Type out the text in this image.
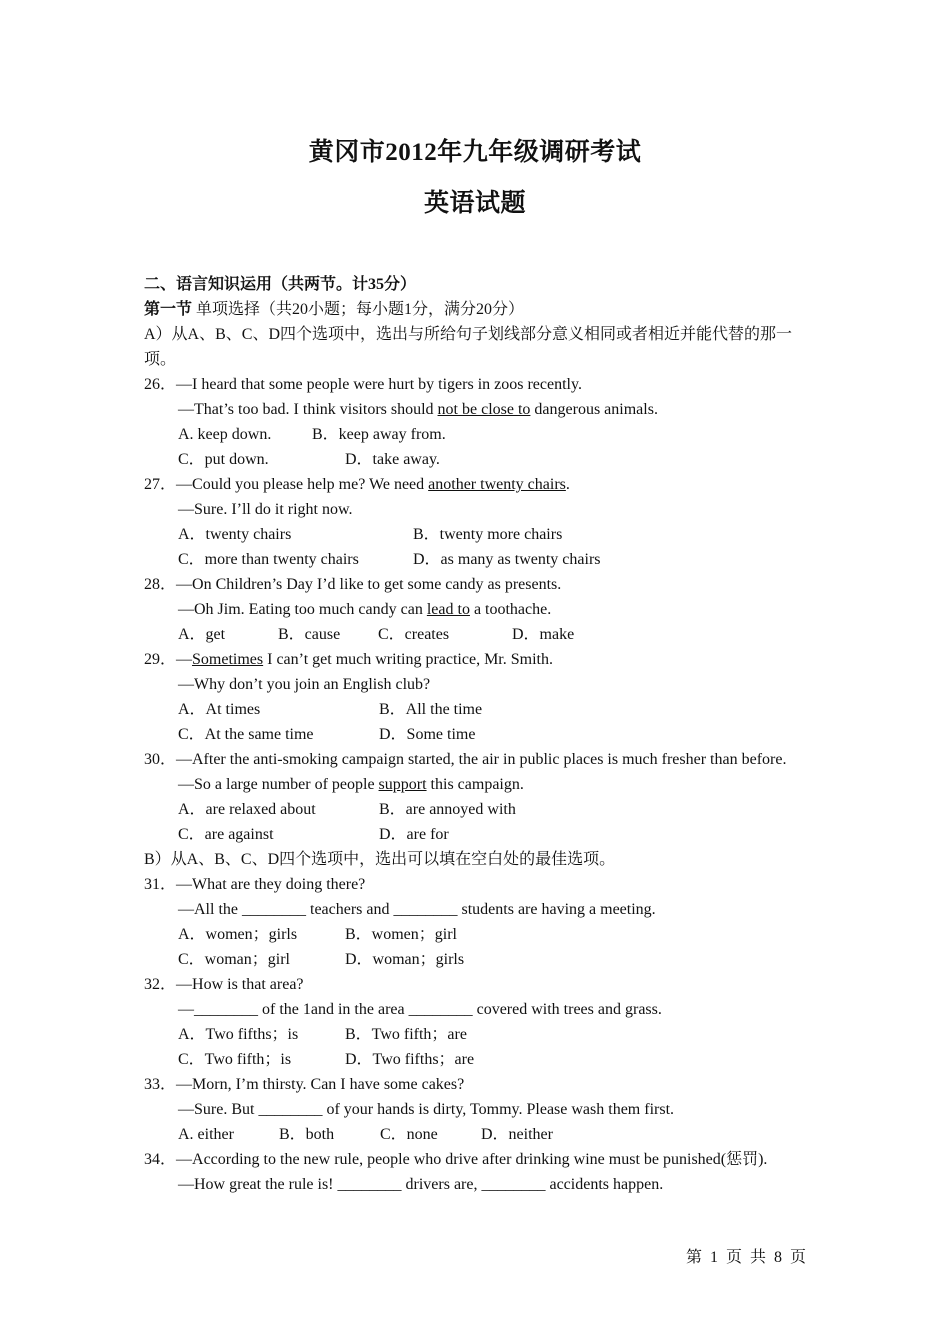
黄冈市2012年九年级调研考试
英语试题
二、语言知识运用（共两节。计35分）
第一节 单项选择（共20小题；每小题1分，满分20分）
A）从A、B、C、D四个选项中，选出与所给句子划线部分意义相同或者相近并能代替的那一项。
26．—I heard that some people were hurt by tigers in zoos recently.
—That’s too bad. I think visitors should not be close to dangerous animals.
A. keep down.	B．keep away from.
C．put down.	D．take away.
27．—Could you please help me? We need another twenty chairs.
—Sure. I’ll do it right now.
A．twenty chairs	B．twenty more chairs
C．more than twenty chairs	D．as many as twenty chairs
28．—On Children’s Day I’d like to get some candy as presents.
—Oh Jim. Eating too much candy can lead to a toothache.
A．get	B．cause C．creates	D．make
29．—Sometimes I can’t get much writing practice, Mr. Smith.
—Why don’t you join an English club?
A．At times	B．All the time
C．At the same time	D．Some time
30．—After the anti-smoking campaign started, the air in public places is much fresher than before.
—So a large number of people support this campaign.
A．are relaxed about	B．are annoyed with
C．are against	D．are for
B）从A、B、C、D四个选项中，选出可以填在空白处的最佳选项。
31．—What are they doing there?
—All the ________ teachers and ________ students are having a meeting.
A．women；girls	B．women；girl
C．woman；girl	D．woman；girls
32．—How is that area?
—________ of the 1and in the area ________ covered with trees and grass.
A．Two fifths；is	B．Two fifth；are
C．Two fifth；is	D．Two fifths；are
33．—Morn, I’m thirsty. Can I have some cakes?
—Sure. But ________ of your hands is dirty, Tommy. Please wash them first.
A. either	B．both	C．none	D．neither
34．—According to the new rule, people who drive after drinking wine must be punished(惩罚).
—How great the rule is! ________ drivers are, ________ accidents happen.
第 1 页 共 8 页
